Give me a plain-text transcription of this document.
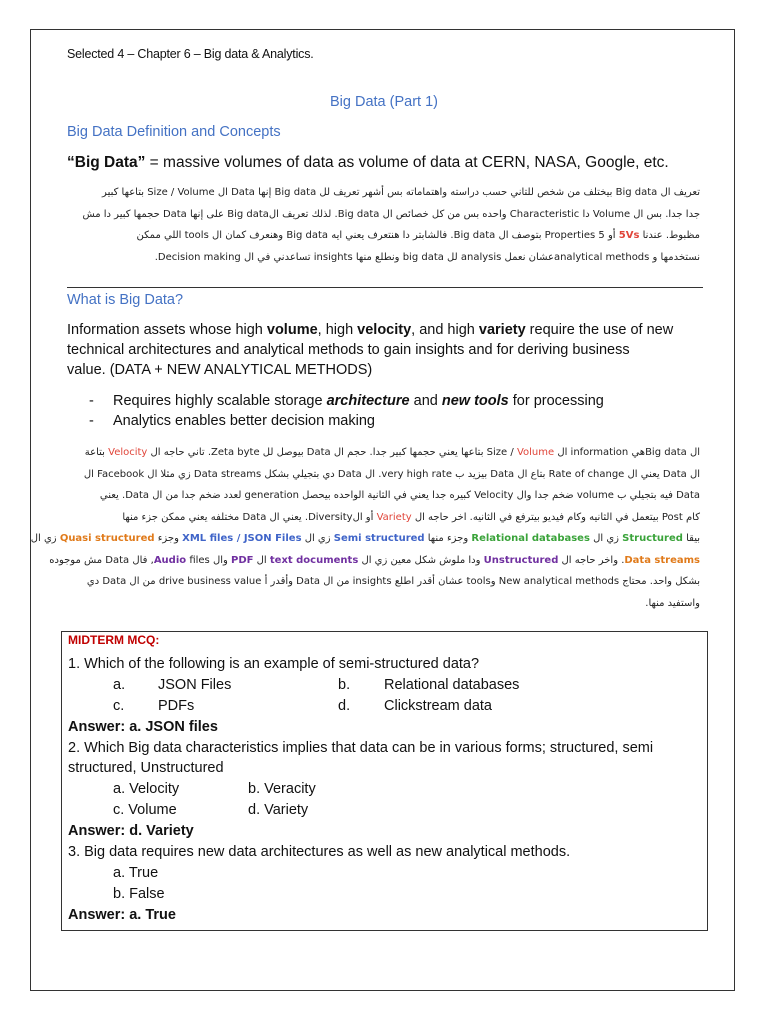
Selected 4 – Chapter 6 – Big data & Analytics.
Big Data (Part 1)
Big Data Definition and Concepts
“Big Data” = massive volumes of data as volume of data at CERN, NASA, Google, etc.

تعريف ال Big data بيختلف من شخص للتاني حسب دراسته واهتماماته بس أشهر تعريف لل Big data إنها Data ال Size / Volume بتاعها كبير

جدا جدا. بس ال Volume دا Characteristic واحده بس من كل خصائص ال Big data. لذلك تعريف الBig data على إنها Data حجمها كبير دا مش

مظبوط. عندنا 5Vs أو 5 Properties بتوصف ال Big data. فالشابتر دا هنتعرف يعني ايه Big data وهنعرف كمان ال tools اللي ممكن

نستخدمها و analytical methodsعشان نعمل analysis لل big data ونطلع منها insights تساعدني في ال Decision making.

What is Big Data?
Information assets whose high volume, high velocity, and high variety require the use of new
technical architectures and analytical methods to gain insights and for deriving business
value. (DATA + NEW ANALYTICAL METHODS)
- Requires highly scalable storage architecture and new tools for processing
- Analytics enables better decision making

ال Big dataهي information ال Size / Volume بتاعها يعني حجمها كبير جدا. حجم ال Data بيوصل لل Zeta byte. تاني حاجه ال Velocity بتاعة

ال Data يعني ال Rate of change بتاع ال Data بيزيد ب very high rate. ال Data دي بتجيلي بشكل Data streams زي مثلا ال Facebook ال

Data فيه بتجيلي ب volume ضخم جدا وال Velocity كبيره جدا يعني في الثانية الواحده بيحصل generation لعدد ضخم جدا من ال Data. يعني

كام Post بيتعمل في الثانيه وكام فيديو بيترفع في الثانيه. اخر حاجه ال Variety أو الDiversity. يعني ال Data مختلفه يعني ممكن جزء منها

بيقا Structured زي ال Relational databases وجزء منها Semi structured زي ال XML files / JSON Files وجزء Quasi structured زي ال

Data streams. واخر حاجه ال Unstructured ودا ملوش شكل معين زي ال text documents ال PDF وال Audio files, فال Data مش موجوده

بشكل واحد. محتاج New analytical methods وtools عشان أقدر اطلع insights من ال Data وأقدر أ drive business value من ال Data دي

واستفيد منها.

MIDTERM MCQ:
1. Which of the following is an example of semi-structured data?
a. JSON Files	b. Relational databases
c. PDFs	d. Clickstream data
Answer: a. JSON files
2. Which Big data characteristics implies that data can be in various forms; structured, semi
structured, Unstructured
a. Velocity	b. Veracity
c. Volume	d. Variety
Answer: d. Variety
3. Big data requires new data architectures as well as new analytical methods.
a. True
b. False
Answer: a. True
